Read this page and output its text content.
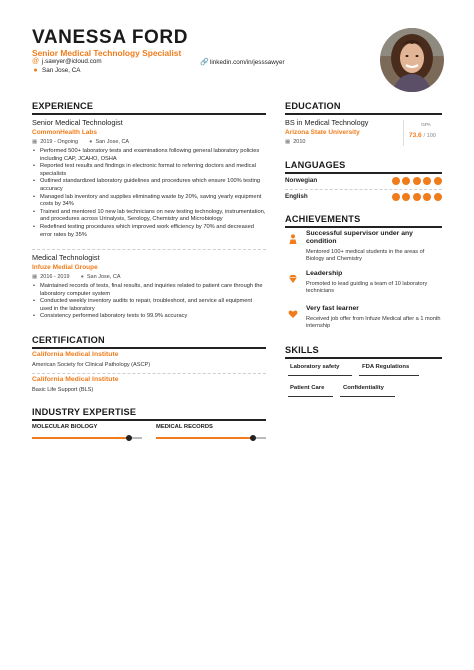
VANESSA FORD
Senior Medical Technology Specialist
@ j.sawyer@icloud.com	🔗 linkedin.com/in/jesssawyer
● San Jose, CA
EXPERIENCE
Senior Medical Technologist
CommonHealth Labs
▦ 2019 - Ongoing ● San Jose, CA
• Performed 500+ laboratory tests and examinations following general laboratory policies including CAP, JCAHO, OSHA
• Reported test results and findings in electronic format to referring doctors and medical specialists
• Outlined standardized laboratory guidelines and procedures which ensure 100% testing accuracy
• Managed lab inventory and supplies eliminating waste by 20%, saving yearly equipment costs by 34%
• Trained and mentored 10 new lab technicians on new testing technology, instrumentation, and procedures across Urinalysis, Serology, Chemistry and Microbiology
• Redefined testing procedures which improved work efficiency by 70% and decreased error rates by 35%
Medical Technologist
Infuze Medial Groupe
▦ 2016 - 2019 ● San Jose, CA
• Maintained records of tests, final results, and inquiries related to patient care through the laboratory computer system
• Conducted weekly inventory audits to repair, troubleshoot, and service all equipment used in the laboratory
• Consistency performed laboratory tests to 99.9% accuracy
CERTIFICATION
California Medical Institute
American Society for Clinical Pathology (ASCP)
California Medical Institute
Basic Life Support (BLS)
INDUSTRY EXPERTISE
MOLECULAR BIOLOGY	MEDICAL RECORDS
EDUCATION
BS in Medical Technology
Arizona State University
▦ 2010
GPA
73.6 / 100
LANGUAGES
Norwegian
English
ACHIEVEMENTS
Successful supervisor under any condition
Mentored 100+ medical students in the areas of Biology and Chemistry
Leadership
Promoted to lead guiding a team of 10 laboratory technicians
Very fast learner
Received job offer from Infuze Medical after a 1 month internship
SKILLS
Laboratory safety	FDA Regulations
Patient Care	Confidentiality
